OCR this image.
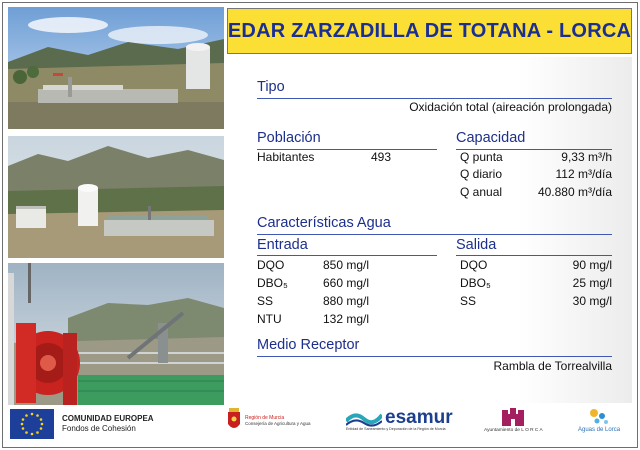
EDAR ZARZADILLA DE TOTANA - LORCA
Tipo
Oxidación total (aireación prolongada)
Población
Habitantes	493
Capacidad
Q punta	9,33 m³/h
Q diario	112 m³/día
Q anual	40.880 m³/día
Características Agua
Entrada
DQO	850 mg/l
DBO₅	660 mg/l
SS	880 mg/l
NTU	132 mg/l
Salida
DQO	90 mg/l
DBO₅	25 mg/l
SS	30 mg/l
Medio Receptor
Rambla de Torrealvilla
COMUNIDAD EUROPEA
Fondos de Cohesión
Región de Murcia
Consejería de Agricultura y Agua	esamur
Entidad de Saneamiento y Depuración de la Región de Murcia	Ayuntamiento de L O R C A	Aguas de Lorca
